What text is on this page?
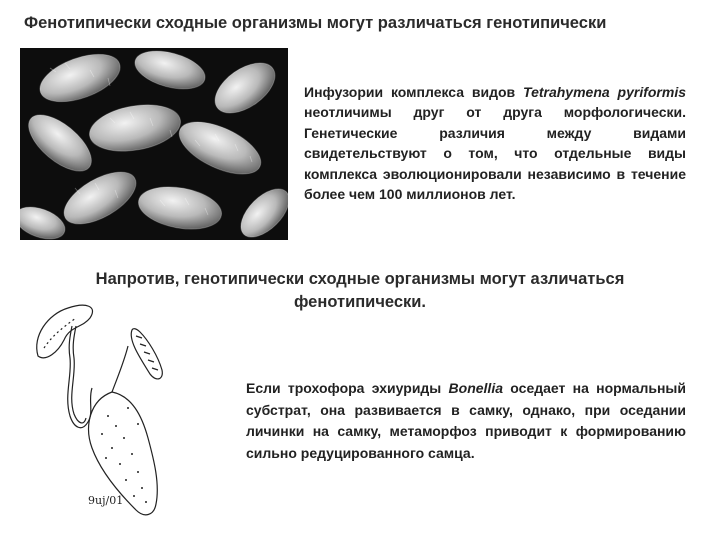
Фенотипически сходные организмы могут различаться генотипически
Инфузории комплекса видов Tetrahymena pyriformis неотличимы друг от друга морфологически. Генетические различия между видами свидетельствуют о том, что отдельные виды комплекса эволюционировали независимо в течение более чем 100 миллионов лет.
Напротив, генотипически сходные организмы могут азличаться фенотипически.
9uj/01
Если трохофора эхиуриды Bonellia оседает на нормальный субстрат, она развивается в самку, однако, при оседании личинки на самку, метаморфоз приводит к формированию сильно редуцированного самца.
